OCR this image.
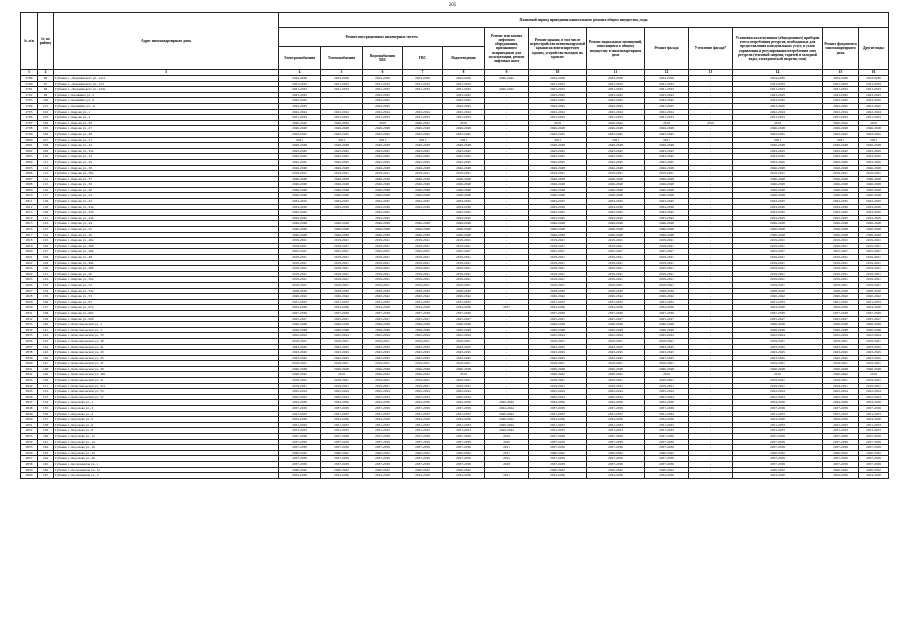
205
№ п/п	№ по району	Адрес многоквартирного дома	Плановый период проведения капитального ремонта общего имущества, годы												
			Ремонт внутридомовых инженерных систем					Ремонт или замена лифтового оборудования, признанного непригодным для эксплуатации, ремонт лифтовых шахт	Ремонт крыши, в том числе переустройство невентилируемой крыши на вентилируемую крышу, устройство выходов на кровлю	Ремонт подвальных помещений, относящихся к общему имуществу в многоквартирном доме	Ремонт фасада	Утепление фасада*	Установка коллективных (общедомовых) приборов учета потребления ресурсов, необходимых для предоставления коммунальных услуг, и узлов управления и регулирования потребления этих ресурсов (тепловой энергии, горячей и холодной воды, электрической энергии, газа)	Ремонт фундамента многоквартирного дома	Другие виды
			Электроснабжения	Теплоснабжения	Водоснабжения
ХВС	ГВС	Водоотведения								
1	2	3	4	5	6	7	8	9	10	11	12	13	14	15	16
2789	98	Губкина г., Дзержинского ул., 121а	2034-2036	2034-2036	2034-2036	2034-2036	2034-2036	2040-2042	2034-2036	2034-2036	2034-2036	-	2034-2036	2034-2036	2034-2036
2790	97	Губкина г., Дзержинского ул., 123	2031-2033	2031-2033	2031-2033	2031-2033	2031-2033	-	2031-2033	2031-2033	2031-2033	-	2031-2033	2031-2033	2031-2033
2791	98	Губкина г., Дзержинского ул., 123а	2031-2033	2031-2033	2031-2033	2031-2033	2031-2033	2040-2042	2031-2033	2031-2033	2031-2033	-	2031-2033	2031-2033	2031-2033
2792	99	Губкина г., Калинина ул., 5	2043-2045	-	2043-2045	-	2043-2045	-	2043-2045	2043-2045	2043-2045	-	2043-2045	2043-2045	2043-2045
2793	100	Губкина г., Калинина ул., 9	2043-2045	-	2043-2045	-	2043-2045	-	2043-2045	2043-2045	2043-2045	-	2043-2045	2043-2045	2043-2045
2794	101	Губкина г., Калинина ул., 11	2043-2045	-	2043-2045	-	2043-2045	-	2043-2045	2043-2045	2043-2045	-	2043-2045	2043-2045	2043-2045
2795	102	Губкина г., Кирова ул., 1	2022-2024	2022-2024	2022-2024	2022-2024	2022-2024	-	2022-2024	2022-2024	2022-2024	-	2022-2024	2022-2024	2022-2024
2796	103	Губкина г., Кирова ул., 2	2031-2033	2031-2033	2031-2033	2031-2033	2031-2033	-	2031-2033	2031-2033	2031-2033	-	2031-2033	2031-2033	2031-2033
2797	104	Губкина г., Кирова ул., 26	2040-2042	2040-2042	2019	2040-2042	2019	-	2019	2040-2042	2019	2019	2019	2040-2042	2019
2798	105	Губкина г., Кирова ул., 27	2046-2048	2046-2048	2046-2048	2046-2048	2046-2048	-	2046-2048	2046-2048	2046-2048	-	2046-2048	2046-2048	2046-2048
2799	106	Губкина г., Кирова ул., 28	2043-2045	2043-2045	2043-2045	2043-2045	2043-2045	-	2043-2045	2043-2045	2043-2045	-	2043-2045	2043-2045	2043-2045
2800	107	Губкина г., Кирова ул., 31	2021	2021	2021	2021	2021	-	2021	2021	2021	-	2021	2021	2021
2801	108	Губкина г., Кирова ул., 32	2046-2048	2046-2048	2046-2048	2046-2048	2046-2048	-	2046-2048	2046-2048	2046-2048	-	2046-2048	2046-2048	2046-2048
2802	109	Губкина г., Кирова ул., 32а	2043-2045	2043-2045	2043-2045	2043-2045	2043-2045	-	2043-2045	2043-2045	2043-2045	-	2043-2045	2043-2045	2043-2045
2803	110	Губкина г., Кирова ул., 33	2043-2045	2043-2045	2043-2045	2043-2045	2043-2045	-	2043-2045	2043-2045	2043-2045	-	2043-2045	2043-2045	2043-2045
2804	111	Губкина г., Кирова ул., 34	2043-2045	2043-2045	2043-2045	2043-2045	2043-2045	-	2043-2045	2043-2045	2043-2045	-	2043-2045	2043-2045	2043-2045
2805	112	Губкина г., Кирова ул., 36	2046-2048	2046-2048	2046-2048	2046-2048	2046-2048	-	2046-2048	2046-2048	2046-2048	-	2046-2048	2046-2048	2046-2048
2806	113	Губкина г., Кирова ул., 36а	2019-2021	2019-2021	2019-2021	2019-2021	2019-2021	-	2019-2021	2019-2021	2019-2021	-	2019-2021	2019-2021	2019-2021
2807	114	Губкина г., Кирова ул., 37	2046-2048	2046-2048	2046-2048	2046-2048	2046-2048	-	2046-2048	2046-2048	2046-2048	-	2046-2048	2046-2048	2046-2048
2808	115	Губкина г., Кирова ул., 39	2046-2048	2046-2048	2046-2048	2046-2048	2046-2048	-	2046-2048	2046-2048	2046-2048	-	2046-2048	2046-2048	2046-2048
2809	116	Губкина г., Кирова ул., 40	2046-2048	2046-2048	2046-2048	2046-2048	2046-2048	-	2046-2048	2046-2048	2046-2048	-	2046-2048	2046-2048	2046-2048
2810	117	Губкина г., Кирова ул., 42	2046-2048	2046-2048	2046-2048	2046-2048	2046-2048	-	2046-2048	2046-2048	2046-2048	-	2046-2048	2046-2048	2046-2048
2811	118	Губкина г., Кирова ул., 43	2043-2045	2043-2045	2043-2045	2043-2045	2043-2045	-	2043-2045	2043-2045	2043-2045	-	2043-2045	2043-2045	2043-2045
2812	119	Губкина г., Кирова ул., 43а	2034-2036	2034-2036	2034-2036	2034-2036	2034-2036	-	2034-2036	2034-2036	2034-2036	-	2034-2036	2034-2036	2034-2036
2813	120	Губкина г., Кирова ул., 43б	2043-2045	-	2043-2045	-	2043-2045	-	2043-2045	2043-2045	2043-2045	-	2043-2045	2043-2045	2043-2045
2814	121	Губкина г., Кирова ул., 43в	2043-2045	-	2043-2045	-	2043-2045	-	2043-2045	2043-2045	2043-2045	-	2043-2045	2043-2045	2043-2045
2815	122	Губкина г., Кирова ул., 44	2046-2048	2046-2048	2046-2048	2046-2048	2046-2048	-	2046-2048	2046-2048	2046-2048	-	2046-2048	2046-2048	2046-2048
2816	123	Губкина г., Кирова ул., 45	2046-2048	2046-2048	2046-2048	2046-2048	2046-2048	-	2046-2048	2046-2048	2046-2048	-	2046-2048	2046-2048	2046-2048
2817	124	Губкина г., Кирова ул., 46	2046-2048	2046-2048	2046-2048	2046-2048	2046-2048	-	2046-2048	2046-2048	2046-2048	-	2046-2048	2046-2048	2046-2048
2818	125	Губкина г., Кирова ул., 46а	2019-2021	2019-2021	2019-2021	2019-2021	2019-2021	-	2019-2021	2019-2021	2019-2021	-	2019-2021	2019-2021	2019-2021
2819	126	Губкина г., Кирова ул., 46б	2019-2021	2019-2021	2019-2021	2019-2021	2019-2021	-	2019-2021	2019-2021	2019-2021	-	2019-2021	2019-2021	2019-2021
2820	127	Губкина г., Кирова ул., 46в	2025-2027	2025-2027	2025-2027	2025-2027	2025-2027	-	2025-2027	2025-2027	2025-2027	-	2025-2027	2025-2027	2025-2027
2821	128	Губкина г., Кирова ул., 48	2019-2021	2019-2021	2019-2021	2019-2021	2019-2021	-	2019-2021	2019-2021	2019-2021	-	2019-2021	2019-2021	2019-2021
2822	129	Губкина г., Кирова ул., 48а	2019-2021	2019-2021	2019-2021	2019-2021	2019-2021	-	2019-2021	2019-2021	2019-2021	-	2019-2021	2019-2021	2019-2021
2823	130	Губкина г., Кирова ул., 48б	2019-2021	2019-2021	2019-2021	2019-2021	2019-2021	-	2019-2021	2019-2021	2019-2021	-	2019-2021	2019-2021	2019-2021
2824	131	Губкина г., Кирова ул., 50	2019-2021	2019-2021	2019-2021	2019-2021	2019-2021	-	2019-2021	2019-2021	2019-2021	-	2019-2021	2019-2021	2019-2021
2825	132	Губкина г., Кирова ул., 50а	2019-2021	2019-2021	2019-2021	2019-2021	2019-2021	-	2019-2021	2019-2021	2019-2021	-	2019-2021	2019-2021	2019-2021
2826	133	Губкина г., Кирова ул., 52	2019-2021	2019-2021	2019-2021	2019-2021	2019-2021	-	2019-2021	2019-2021	2019-2021	-	2019-2021	2019-2021	2019-2021
2827	134	Губкина г., Кирова ул., 52а	2028-2030	2028-2030	2028-2030	2028-2030	2028-2030	-	2028-2030	2028-2030	2028-2030	-	2028-2030	2028-2030	2028-2030
2828	135	Губкина г., Кирова ул., 53	2040-2042	2040-2042	2040-2042	2040-2042	2040-2042	-	2040-2042	2040-2042	2040-2042	-	2040-2042	2040-2042	2040-2042
2829	136	Губкина г., Кирова ул., 65	2031-2033	2031-2033	2031-2033	2031-2033	2031-2033	-	2031-2033	2031-2033	2031-2033	-	2031-2033	2031-2033	2031-2033
2830	137	Губкина г., Кирова ул., 67а	2034-2036	2034-2036	2034-2036	2034-2036	2034-2036	2037	2034-2036	2034-2036	2034-2036	-	2034-2036	2034-2036	2034-2036
2831	138	Губкина г., Кирова ул., 69а	2037-2039	2037-2039	2037-2039	2037-2039	2037-2039	-	2037-2039	2037-2039	2037-2039	-	2037-2039	2037-2039	2037-2039
2832	139	Губкина г., Кирова ул., 69б	2025-2027	2025-2027	2025-2027	2025-2027	2025-2027	-	2025-2027	2025-2027	2025-2027	-	2025-2027	2025-2027	2025-2027
2833	140	Губкина г., Комсомольская ул., 1	2046-2048	2046-2048	2046-2048	2046-2048	2046-2048	-	2046-2048	2046-2048	2046-2048	-	2046-2048	2046-2048	2046-2048
2834	141	Губкина г., Комсомольская ул., 3	2046-2048	2046-2048	2046-2048	2046-2048	2046-2048	-	2046-2048	2046-2048	2046-2048	-	2046-2048	2046-2048	2046-2048
2835	142	Губкина г., Комсомольская ул., 33	2022-2024	2022-2024	2022-2024	2022-2024	2022-2024	-	2022-2024	2022-2024	2022-2024	-	2022-2024	2022-2024	2022-2024
2836	143	Губкина г., Комсомольская ул., 39	2019-2021	2019-2021	2019-2021	2019-2021	2019-2021	-	2019-2021	2019-2021	2019-2021	-	2019-2021	2019-2021	2019-2021
2837	144	Губкина г., Комсомольская ул., 41	2043-2045	2043-2045	2043-2045	2043-2045	2043-2045	-	2043-2045	2043-2045	2043-2045	-	2043-2045	2043-2045	2043-2045
2838	145	Губкина г., Комсомольская ул., 43	2043-2045	2043-2045	2043-2045	2043-2045	2043-2045	-	2043-2045	2043-2045	2043-2045	-	2043-2045	2043-2045	2043-2045
2839	146	Губкина г., Комсомольская ул., 45	2043-2045	2043-2045	2043-2045	2043-2045	2043-2045	-	2043-2045	2043-2045	2043-2045	-	2043-2045	2043-2045	2043-2045
2840	147	Губкина г., Комсомольская ул., 47	2019-2021	2019-2021	2019-2021	2019-2021	2019-2021	-	2019-2021	2019-2021	2019-2021	-	2019-2021	2019-2021	2019-2021
2841	148	Губкина г., Комсомольская ул., 49	2046-2048	2046-2048	2046-2048	2046-2048	2046-2048	-	2046-2048	2046-2048	2046-2048	-	2046-2048	2046-2048	2046-2048
2842	149	Губкина г., Комсомольская ул., 49а	2040-2042	2019	2040-2042	2040-2042	2019	-	2040-2042	2040-2042	2019	-	2019	2040-2042	2019
2843	150	Губкина г., Комсомольская ул., 51	2019-2021	2019-2021	2019-2021	2019-2021	2019-2021	-	2019-2021	2019-2021	2019-2021	-	2019-2021	2019-2021	2019-2021
2844	151	Губкина г., Комсомольская ул., 51а	2019-2021	2019-2021	2019-2021	2019-2021	2019-2021	-	2019-2021	2019-2021	2019-2021	-	2019-2021	2019-2021	2019-2021
2845	152	Губкина г., Комсомольская ул., 55	2022-2024	2022-2024	2022-2024	2022-2024	2022-2024	-	2022-2024	2022-2024	2022-2024	-	2022-2024	2022-2024	2022-2024
2846	153	Губкина г., Комсомольская ул., 57	2022-2024	2022-2024	2022-2024	2022-2024	2022-2024	-	2022-2024	2022-2024	2022-2024	-	2022-2024	2022-2024	2022-2024
2847	154	Губкина г., Королева ул., 1	2034-2036	2034-2036	2034-2036	2034-2036	2034-2036	2040-2042	2034-2036	2034-2036	2034-2036	-	2034-2036	2034-2036	2034-2036
2848	155	Губкина г., Королева ул., 3	2037-2039	2037-2039	2037-2039	2037-2039	2037-2039	2022-2024	2037-2039	2037-2039	2037-2039	-	2037-2039	2037-2039	2037-2039
2849	156	Губкина г., Королева ул., 4	2031-2033	2031-2033	2031-2033	2031-2033	2031-2033	2040-2042	2031-2033	2031-2033	2031-2033	-	2031-2033	2031-2033	2031-2033
2850	157	Губкина г., Королева ул., 5	2034-2036	2034-2036	2034-2036	2034-2036	2034-2036	2040-2042	2034-2036	2034-2036	2034-2036	-	2034-2036	2034-2036	2034-2036
2851	158	Губкина г., Королева ул., 6	2031-2033	2031-2033	2031-2033	2031-2033	2031-2033	2040-2042	2031-2033	2031-2033	2031-2033	-	2031-2033	2031-2033	2031-2033
2852	159	Губкина г., Королева ул., 8	2031-2033	2031-2033	2031-2033	2031-2033	2031-2033	2040-2042	2031-2033	2031-2033	2031-2033	-	2031-2033	2031-2033	2031-2033
2853	160	Губкина г., Королева ул., 12	2037-2039	2037-2039	2037-2039	2037-2039	2037-2039	2019	2037-2039	2037-2039	2037-2039	-	2037-2039	2037-2039	2037-2039
2854	161	Губкина г., Королева ул., 14	2037-2039	2037-2039	2037-2039	2037-2039	2037-2039	2020	2037-2039	2037-2039	2037-2039	-	2037-2039	2037-2039	2037-2039
2855	162	Губкина г., Королева ул., 16	2037-2039	2037-2039	2037-2039	2037-2039	2037-2039	2021	2037-2039	2037-2039	2037-2039	-	2037-2039	2037-2039	2037-2039
2856	163	Губкина г., Королева ул., 24	2040-2042	2040-2042	2040-2042	2040-2042	2040-2042	2031	2040-2042	2040-2042	2040-2042	-	2040-2042	2040-2042	2040-2042
2857	164	Губкина г., Королева ул., 26	2037-2039	2037-2039	2037-2039	2037-2039	2037-2039	2032	2037-2039	2037-2039	2037-2039	-	2037-2039	2037-2039	2037-2039
2858	165	Губкина г., Космонавтов ул., 1	2037-2039	2037-2039	2037-2039	2037-2039	2037-2039	2028	2037-2039	2037-2039	2037-2039	-	2037-2039	2037-2039	2037-2039
2859	166	Губкина г., Космонавтов ул., 1а	2040-2042	2040-2042	2040-2042	2040-2042	2040-2042	-	2040-2042	2040-2042	2040-2042	-	2040-2042	2040-2042	2040-2042
2860	167	Губкина г., Космонавтов ул., 2	2034-2036	2034-2036	2034-2036	2034-2036	2034-2036	2021	2034-2036	2034-2036	2034-2036	-	2034-2036	2034-2036	2034-2036
